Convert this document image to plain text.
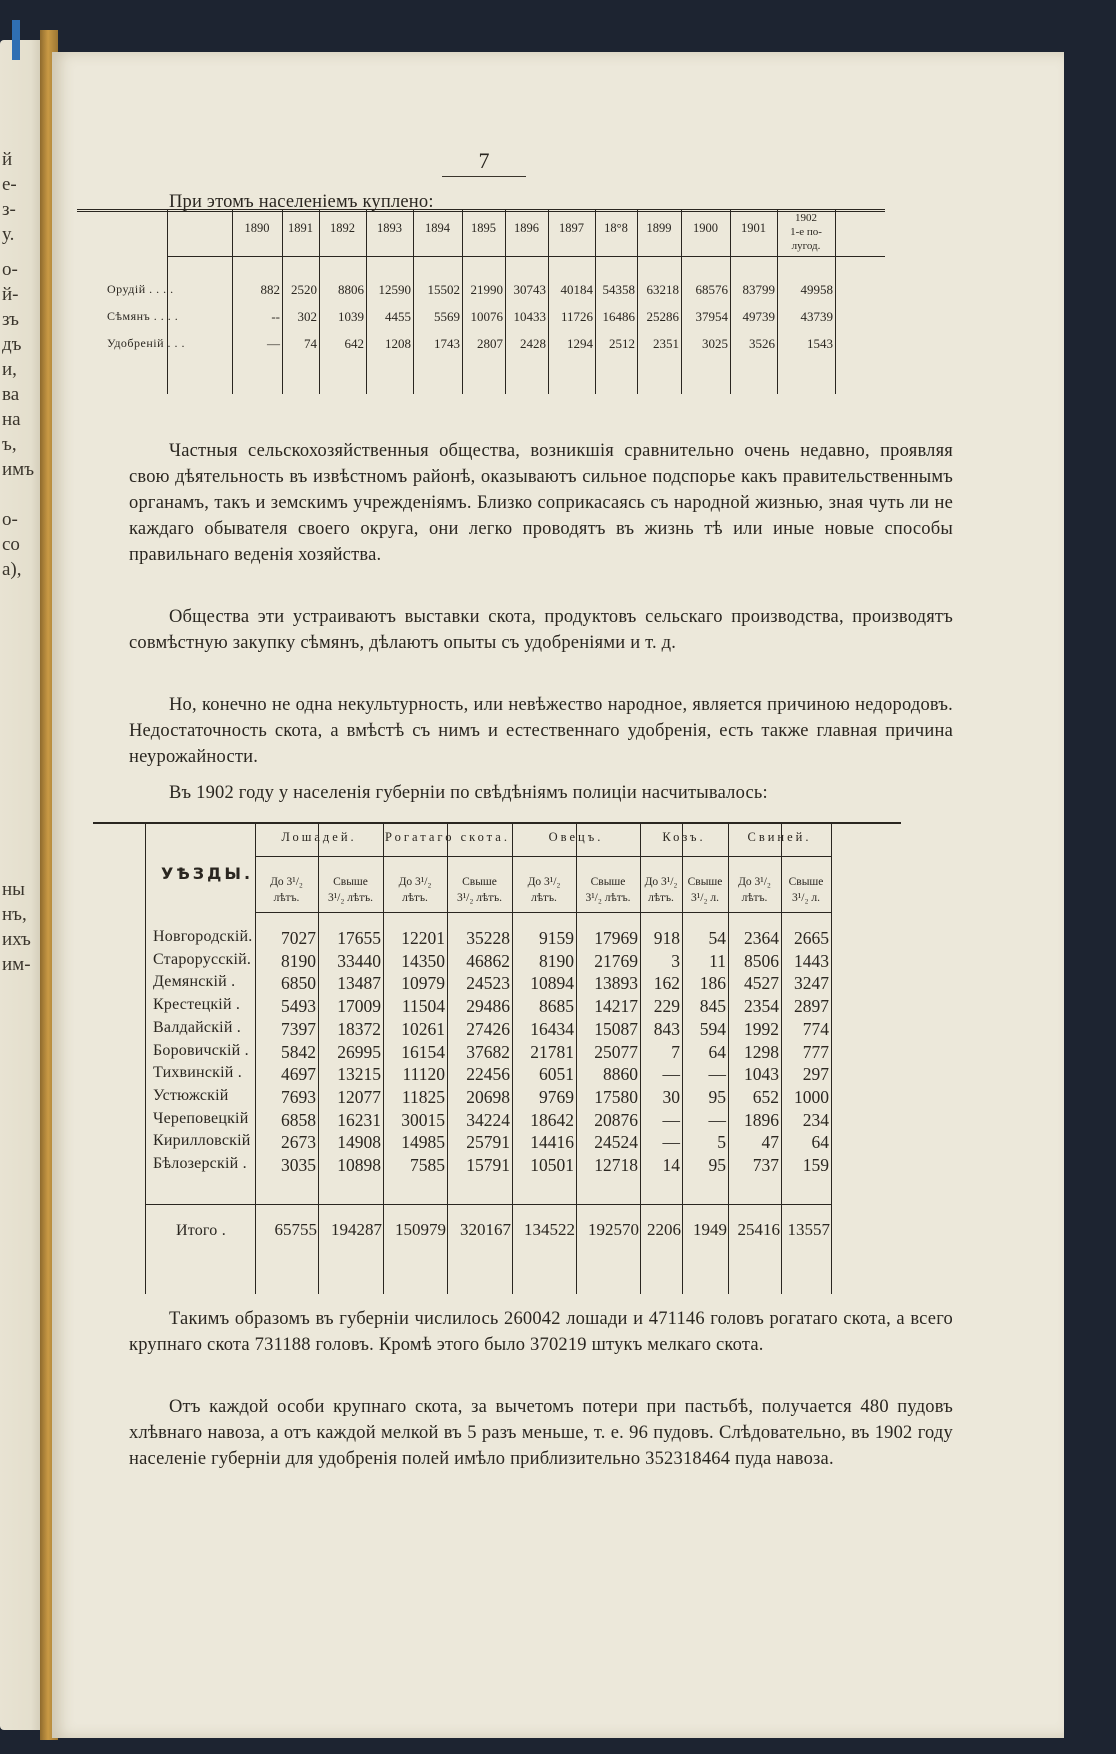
й
е-
з-
у.
о-
й-
зъ
дъ
и,
ва
на
ъ,
имъ
о-
со
а),
ны
нъ,
ихъ
им-
7
При этомъ населеніемъ куплено:
1890	1891	1892	1893	1894	1895	1896	1897	18°8	1899	1900	1901
1902
1-е по-
лугод.
Орудій . . . .	882 2520	8806	12590	15502 21990 30743	40184 54358 63218	68576	83799	49958
Сѣмянъ . . . .	--	302	1039	4455	5569 10076 10433	11726 16486 25286	37954	49739	43739
Удобреній . . .	—	74	642	1208	1743	2807	2428	1294	2512	2351	3025	3526	1543
Частныя сельскохозяйственныя общества, возникшія сравнительно очень недавно, проявляя свою дѣятельность въ извѣстномъ районѣ, оказываютъ сильное подспорье какъ правительственнымъ органамъ, такъ и земскимъ учрежденіямъ. Близко соприкасаясь съ народной жизнью, зная чуть ли не каждаго обывателя своего округа, они легко проводятъ въ жизнь тѣ или иные новые способы правильнаго веденія хозяйства.
Общества эти устраиваютъ выставки скота, продуктовъ сельскаго производства, производятъ совмѣстную закупку сѣмянъ, дѣлаютъ опыты съ удобреніями и т. д.
Но, конечно не одна некультурность, или невѣжество народное, является причиною недородовъ. Недостаточность скота, а вмѣстѣ съ нимъ и естественнаго удобренія, есть также главная причина неурожайности.
Въ 1902 году у населенія губерніи по свѣдѣніямъ полиціи насчитывалось:
УѢЗДЫ.
Лошадей.	Рогатаго скота.	Овецъ.	Козъ.	Свиней.
До 3¹/₂
лѣтъ.
Свыше
3¹/₂ лѣтъ.
До 3¹/₂
лѣтъ.
Свыше
3¹/₂ лѣтъ.
До 3¹/₂
лѣтъ.
Свыше
3¹/₂ лѣтъ.
До 3¹/₂
лѣтъ.
Свыше
3¹/₂ л.
До 3¹/₂
лѣтъ.
Свыше
3¹/₂ л.
Новгородскій.	7027	17655	12201	35228	9159	17969 918	54	2364 2665
Старорусскій.	8190	33440	14350	46862	8190	21769	3	11	8506 1443
Демянскій .	6850	13487	10979	24523	10894	13893 162	186	4527 3247
Крестецкій .	5493	17009	11504	29486	8685	14217 229	845	2354 2897
Валдайскій .	7397	18372	10261	27426	16434	15087 843	594	1992	774
Боровичскій .	5842	26995	16154	37682	21781	25077	7	64	1298	777
Тихвинскій .	4697	13215	11120	22456	6051	8860	—	—	1043	297
Устюжскій	7693	12077	11825	20698	9769	17580	30	95	652 1000
Череповецкій	6858	16231	30015	34224	18642	20876	—	—	1896	234
Кирилловскій	2673	14908	14985	25791	14416	24524	—	5	47	64
Бѣлозерскій .	3035	10898	7585	15791	10501	12718	14	95	737	159
Итого .	65755 194287 150979 320167 134522 192570 2206 1949 25416 13557
Такимъ образомъ въ губерніи числилось 260042 лошади и 471146 головъ рогатаго скота, а всего крупнаго скота 731188 головъ. Кромѣ этого было 370219 штукъ мелкаго скота.
Отъ каждой особи крупнаго скота, за вычетомъ потери при пастьбѣ, получается 480 пудовъ хлѣвнаго навоза, а отъ каждой мелкой въ 5 разъ меньше, т. е. 96 пудовъ. Слѣдовательно, въ 1902 году населеніе губерніи для удобренія полей имѣло приблизительно 352318464 пуда навоза.
